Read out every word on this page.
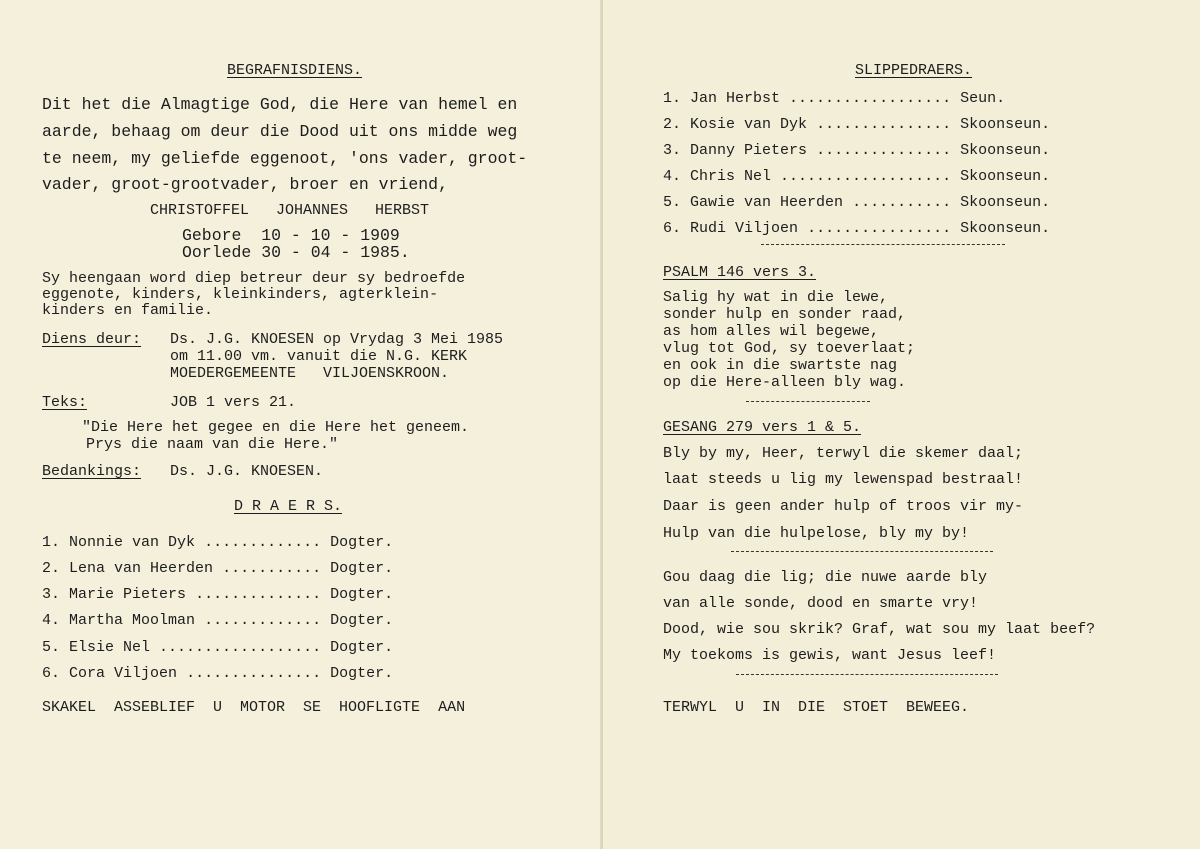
BEGRAFNISDIENS.
Dit het die Almagtige God, die Here van hemel en
aarde, behaag om deur die Dood uit ons midde weg
te neem, my geliefde eggenoot, 'ons vader, groot-
vader, groot-grootvader, broer en vriend,
CHRISTOFFEL   JOHANNES   HERBST
Gebore  10 - 10 - 1909
Oorlede 30 - 04 - 1985.
Sy heengaan word diep betreur deur sy bedroefde
eggenote, kinders, kleinkinders, agterklein-
kinders en familie.
Diens deur: Ds. J.G. KNOESEN op Vrydag 3 Mei 1985
om 11.00 vm. vanuit die N.G. KERK
MOEDERGEMEENTE   VILJOENSKROON.
Teks:	JOB 1 vers 21.
"Die Here het gegee en die Here het geneem.
Prys die naam van die Here."
Bedankings: Ds. J.G. KNOESEN.
D R A E R S.
1. Nonnie van Dyk ............. Dogter.
2. Lena van Heerden ........... Dogter.
3. Marie Pieters .............. Dogter.
4. Martha Moolman ............. Dogter.
5. Elsie Nel .................. Dogter.
6. Cora Viljoen ............... Dogter.
SKAKEL  ASSEBLIEF  U  MOTOR  SE  HOOFLIGTE  AAN
SLIPPEDRAERS.
1. Jan Herbst .................. Seun.
2. Kosie van Dyk ............... Skoonseun.
3. Danny Pieters ............... Skoonseun.
4. Chris Nel ................... Skoonseun.
5. Gawie van Heerden ........... Skoonseun.
6. Rudi Viljoen ................ Skoonseun.
PSALM 146 vers 3.
Salig hy wat in die lewe,
sonder hulp en sonder raad,
as hom alles wil begewe,
vlug tot God, sy toeverlaat;
en ook in die swartste nag
op die Here-alleen bly wag.
GESANG 279 vers 1 & 5.
Bly by my, Heer, terwyl die skemer daal;
laat steeds u lig my lewenspad bestraal!
Daar is geen ander hulp of troos vir my-
Hulp van die hulpelose, bly my by!
Gou daag die lig; die nuwe aarde bly
van alle sonde, dood en smarte vry!
Dood, wie sou skrik? Graf, wat sou my laat beef?
My toekoms is gewis, want Jesus leef!
TERWYL  U  IN  DIE  STOET  BEWEEG.
